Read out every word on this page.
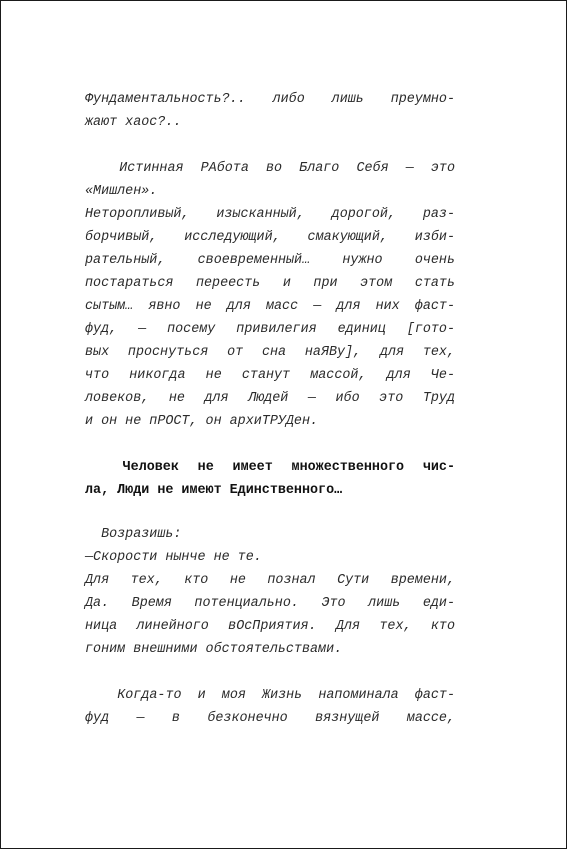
Фундаментальность?.. либо лишь преумно-

жают хаос?..

Истинная РАбота во Благо Себя — это

«Мишлен».

Неторопливый, изысканный, дорогой, раз-

борчивый, исследующий, смакующий, изби-

рательный, своевременный… нужно очень

постараться переесть и при этом стать

сытым… явно не для масс — для них фаст-

фуд, — посему привилегия единиц [гото-

вых проснуться от сна наЯВу], для тех,

что никогда не станут массой, для Че-

ловеков, не для Людей — ибо это Труд

и он не пРОСТ, он архиТРУДен.

Человек не имеет множественного чис-

ла, Люди не имеют Единственного…

Возразишь:

—Скорости нынче не те.

Для тех, кто не познал Сути времени,

Да. Время потенциально. Это лишь еди-

ница линейного вОсПриятия. Для тех, кто

гоним внешними обстоятельствами.

Когда-то и моя Жизнь напоминала фаст-

фуд — в безконечно вязнущей массе,
